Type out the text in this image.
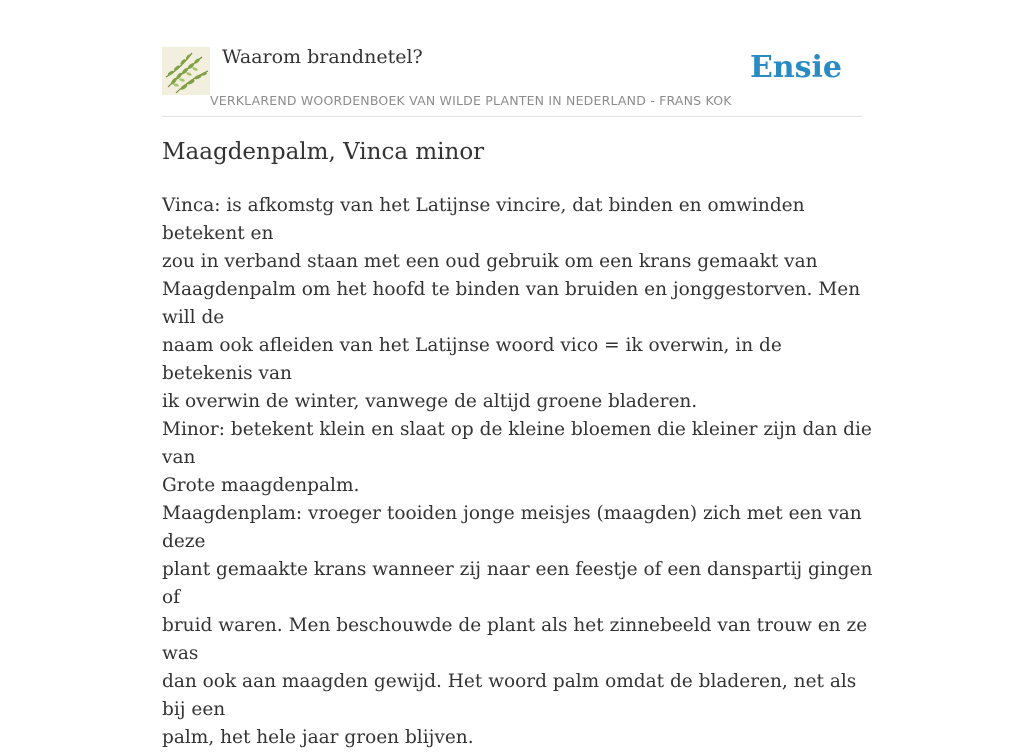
Waarom brandnetel?
VERKLAREND WOORDENBOEK VAN WILDE PLANTEN IN NEDERLAND - FRANS KOK
Ensie
Maagdenpalm, Vinca minor

Vinca: is afkomstg van het Latijnse vincire, dat binden en omwinden betekent en
zou in verband staan met een oud gebruik om een krans gemaakt van
Maagdenpalm om het hoofd te binden van bruiden en jonggestorven. Men will de
naam ook afleiden van het Latijnse woord vico = ik overwin, in de betekenis van
ik overwin de winter, vanwege de altijd groene bladeren.

Minor: betekent klein en slaat op de kleine bloemen die kleiner zijn dan die van
Grote maagdenpalm.

Maagdenplam: vroeger tooiden jonge meisjes (maagden) zich met een van deze
plant gemaakte krans wanneer zij naar een feestje of een danspartij gingen of
bruid waren. Men beschouwde de plant als het zinnebeeld van trouw en ze was
dan ook aan maagden gewijd. Het woord palm omdat de bladeren, net als bij een
palm, het hele jaar groen blijven.
